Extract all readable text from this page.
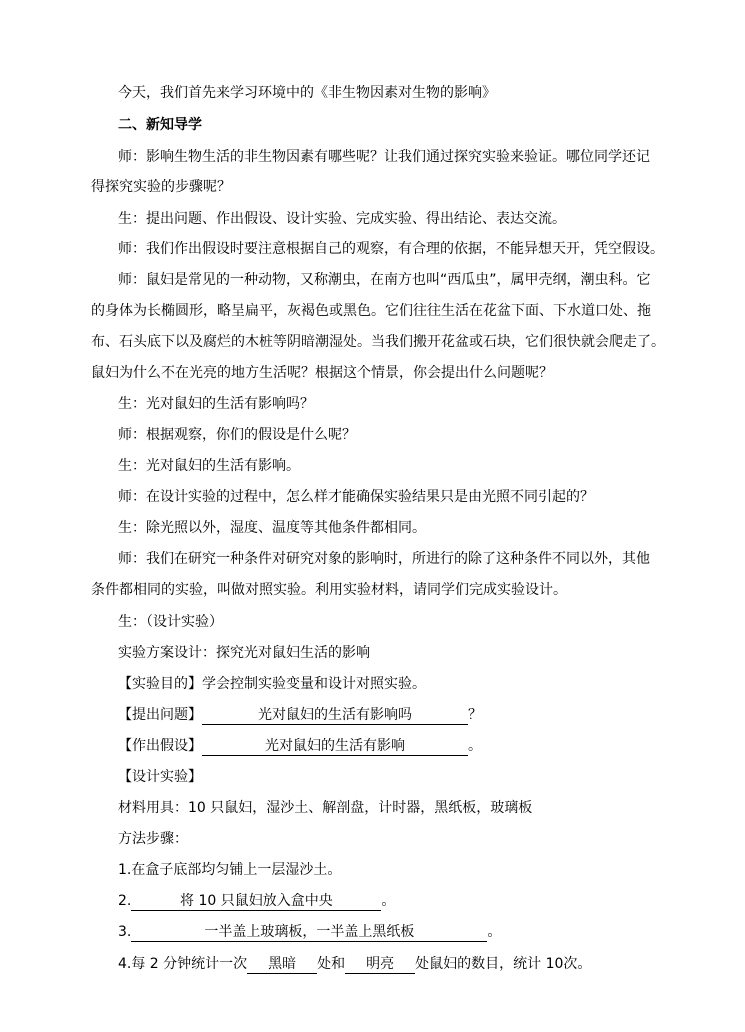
今天，我们首先来学习环境中的《非生物因素对生物的影响》
二、新知导学
师：影响生物生活的非生物因素有哪些呢？让我们通过探究实验来验证。哪位同学还记
得探究实验的步骤呢？
生：提出问题、作出假设、设计实验、完成实验、得出结论、表达交流。
师：我们作出假设时要注意根据自己的观察，有合理的依据，不能异想天开，凭空假设。
师：鼠妇是常见的一种动物，又称潮虫，在南方也叫“西瓜虫”，属甲壳纲，潮虫科。它
的身体为长椭圆形，略呈扁平，灰褐色或黑色。它们往往生活在花盆下面、下水道口处、拖
布、石头底下以及腐烂的木桩等阴暗潮湿处。当我们搬开花盆或石块，它们很快就会爬走了。
鼠妇为什么不在光亮的地方生活呢？根据这个情景，你会提出什么问题呢？
生：光对鼠妇的生活有影响吗？
师：根据观察，你们的假设是什么呢？
生：光对鼠妇的生活有影响。
师：在设计实验的过程中，怎么样才能确保实验结果只是由光照不同引起的？
生：除光照以外，湿度、温度等其他条件都相同。
师：我们在研究一种条件对研究对象的影响时，所进行的除了这种条件不同以外，其他
条件都相同的实验，叫做对照实验。利用实验材料，请同学们完成实验设计。
生：（设计实验）
实验方案设计：探究光对鼠妇生活的影响
【实验目的】学会控制实验变量和设计对照实验。
【提出问题】	光对鼠妇的生活有影响吗	？
【作出假设】	光对鼠妇的生活有影响	。
【设计实验】
材料用具：10 只鼠妇，湿沙土、解剖盘，计时器，黑纸板，玻璃板
方法步骤：
1.在盒子底部均匀铺上一层湿沙土。
2.	将 10 只鼠妇放入盒中央	。
3.	一半盖上玻璃板，一半盖上黑纸板	。
4.每 2 分钟统计一次 黑暗 处和 明亮 处鼠妇的数目，统计 10次。
